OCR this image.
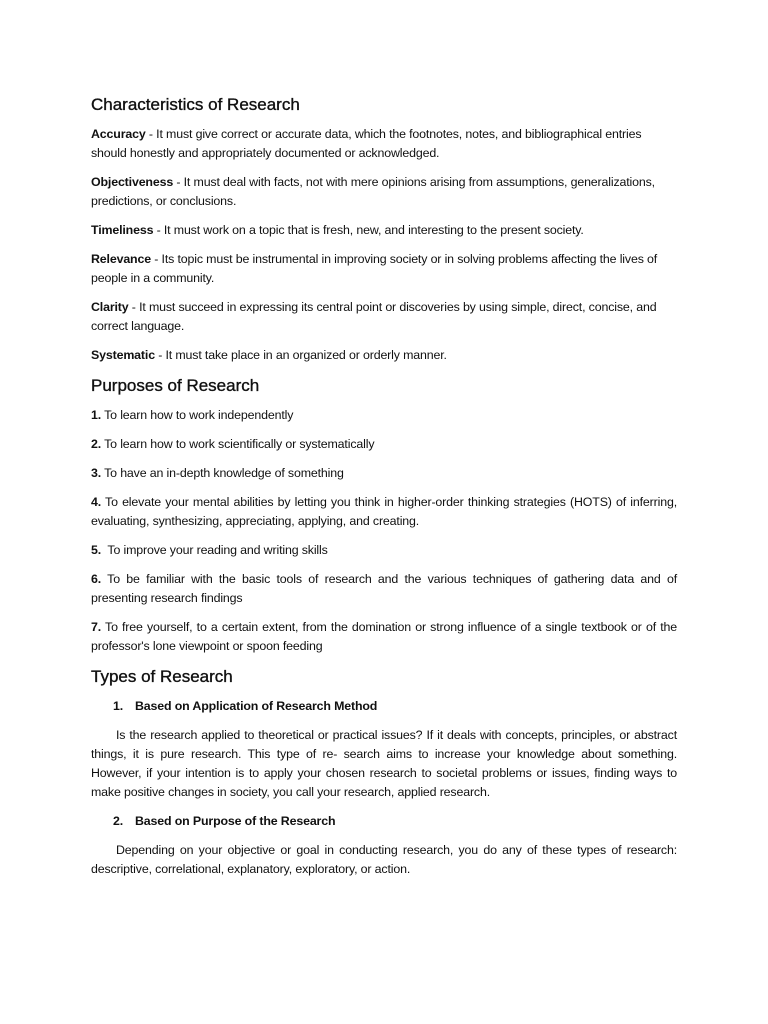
Characteristics of Research

Accuracy - It must give correct or accurate data, which the footnotes, notes, and bibliographical entries should honestly and appropriately documented or acknowledged.

Objectiveness - It must deal with facts, not with mere opinions arising from assumptions, generalizations, predictions, or conclusions.

Timeliness - It must work on a topic that is fresh, new, and interesting to the present society.

Relevance - Its topic must be instrumental in improving society or in solving problems affecting the lives of people in a community.

Clarity - It must succeed in expressing its central point or discoveries by using simple, direct, concise, and correct language.

Systematic - It must take place in an organized or orderly manner.

Purposes of Research

1. To learn how to work independently

2. To learn how to work scientifically or systematically

3. To have an in-depth knowledge of something

4. To elevate your mental abilities by letting you think in higher-order thinking strategies (HOTS) of inferring, evaluating, synthesizing, appreciating, applying, and creating.

5.  To improve your reading and writing skills

6. To be familiar with the basic tools of research and the various techniques of gathering data and of presenting research findings

7. To free yourself, to a certain extent, from the domination or strong influence of a single textbook or of the professor's lone viewpoint or spoon feeding

Types of Research
1. Based on Application of Research Method

Is the research applied to theoretical or practical issues? If it deals with concepts, principles, or abstract things, it is pure research. This type of re- search aims to increase your knowledge about something. However, if your intention is to apply your chosen research to societal problems or issues, finding ways to make positive changes in society, you call your research, applied research.

2. Based on Purpose of the Research

Depending on your objective or goal in conducting research, you do any of these types of research: descriptive, correlational, explanatory, exploratory, or action.
